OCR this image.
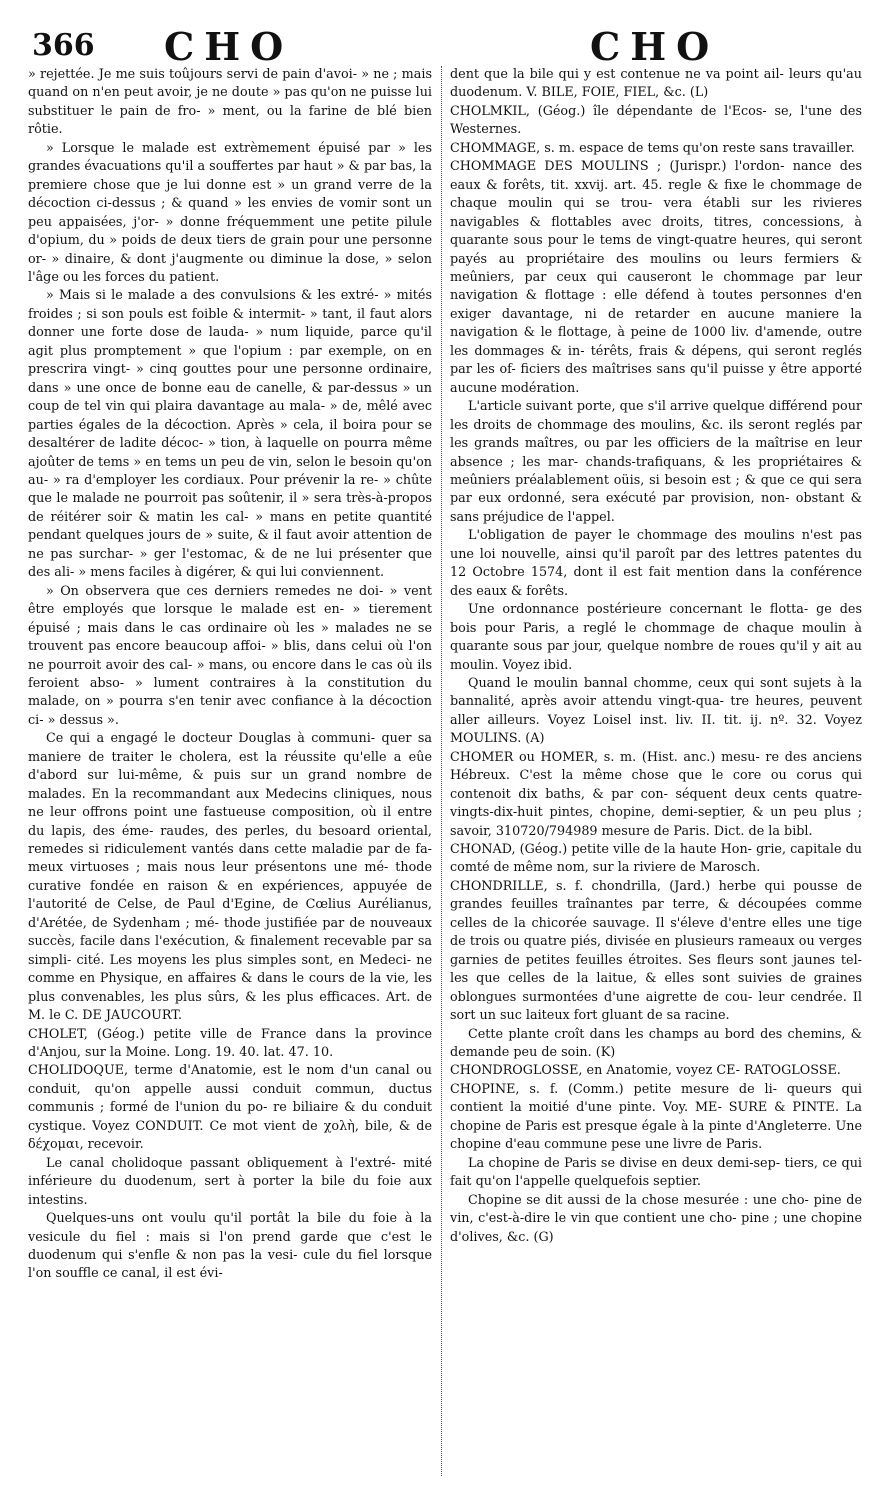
366 CHO	CHO

» rejettée. Je me suis toûjours servi de pain d'avoi- » ne ; mais quand on n'en peut avoir, je ne doute » pas qu'on ne puisse lui substituer le pain de fro- » ment, ou la farine de blé bien rôtie.

» Lorsque le malade est extrèmement épuisé par » les grandes évacuations qu'il a souffertes par haut » & par bas, la premiere chose que je lui donne est » un grand verre de la décoction ci-dessus ; & quand » les envies de vomir sont un peu appaisées, j'or- » donne fréquemment une petite pilule d'opium, du » poids de deux tiers de grain pour une personne or- » dinaire, & dont j'augmente ou diminue la dose, » selon l'âge ou les forces du patient.

» Mais si le malade a des convulsions & les extré- » mités froides ; si son pouls est foible & intermit- » tant, il faut alors donner une forte dose de lauda- » num liquide, parce qu'il agit plus promptement » que l'opium : par exemple, on en prescrira vingt- » cinq gouttes pour une personne ordinaire, dans » une once de bonne eau de canelle, & par-dessus » un coup de tel vin qui plaira davantage au mala- » de, mêlé avec parties égales de la décoction. Après » cela, il boira pour se desaltérer de ladite décoc- » tion, à laquelle on pourra même ajoûter de tems » en tems un peu de vin, selon le besoin qu'on au- » ra d'employer les cordiaux. Pour prévenir la re- » chûte que le malade ne pourroit pas soûtenir, il » sera très-à-propos de réitérer soir & matin les cal- » mans en petite quantité pendant quelques jours de » suite, & il faut avoir attention de ne pas surchar- » ger l'estomac, & de ne lui présenter que des ali- » mens faciles à digérer, & qui lui conviennent.

» On observera que ces derniers remedes ne doi- » vent être employés que lorsque le malade est en- » tierement épuisé ; mais dans le cas ordinaire où les » malades ne se trouvent pas encore beaucoup affoi- » blis, dans celui où l'on ne pourroit avoir des cal- » mans, ou encore dans le cas où ils feroient abso- » lument contraires à la constitution du malade, on » pourra s'en tenir avec confiance à la décoction ci- » dessus ».

Ce qui a engagé le docteur Douglas à communi- quer sa maniere de traiter le cholera, est la réussite qu'elle a eûe d'abord sur lui-même, & puis sur un grand nombre de malades. En la recommandant aux Medecins cliniques, nous ne leur offrons point une fastueuse composition, où il entre du lapis, des éme- raudes, des perles, du besoard oriental, remedes si ridiculement vantés dans cette maladie par de fa- meux virtuoses ; mais nous leur présentons une mé- thode curative fondée en raison & en expériences, appuyée de l'autorité de Celse, de Paul d'Egine, de Cœlius Aurélianus, d'Arétée, de Sydenham ; mé- thode justifiée par de nouveaux succès, facile dans l'exécution, & finalement recevable par sa simpli- cité. Les moyens les plus simples sont, en Medeci- ne comme en Physique, en affaires & dans le cours de la vie, les plus convenables, les plus sûrs, & les plus efficaces. Art. de M. le C. DE JAUCOURT.

CHOLET, (Géog.) petite ville de France dans la province d'Anjou, sur la Moine. Long. 19. 40. lat. 47. 10.

CHOLIDOQUE, terme d'Anatomie, est le nom d'un canal ou conduit, qu'on appelle aussi conduit commun, ductus communis ; formé de l'union du po- re biliaire & du conduit cystique. Voyez CONDUIT. Ce mot vient de χολὴ, bile, & de δέχομαι, recevoir.

Le canal cholidoque passant obliquement à l'extré- mité inférieure du duodenum, sert à porter la bile du foie aux intestins.

Quelques-uns ont voulu qu'il portât la bile du foie à la vesicule du fiel : mais si l'on prend garde que c'est le duodenum qui s'enfle & non pas la vesi- cule du fiel lorsque l'on souffle ce canal, il est évi-

dent que la bile qui y est contenue ne va point ail- leurs qu'au duodenum. V. BILE, FOIE, FIEL, &c. (L)

CHOLMKIL, (Géog.) île dépendante de l'Ecos- se, l'une des Westernes.

CHOMMAGE, s. m. espace de tems qu'on reste sans travailler.

CHOMMAGE DES MOULINS ; (Jurispr.) l'ordon- nance des eaux & forêts, tit. xxvij. art. 45. regle & fixe le chommage de chaque moulin qui se trou- vera établi sur les rivieres navigables & flottables avec droits, titres, concessions, à quarante sous pour le tems de vingt-quatre heures, qui seront payés au propriétaire des moulins ou leurs fermiers & meûniers, par ceux qui causeront le chommage par leur navigation & flottage : elle défend à toutes personnes d'en exiger davantage, ni de retarder en aucune maniere la navigation & le flottage, à peine de 1000 liv. d'amende, outre les dommages & in- térêts, frais & dépens, qui seront reglés par les of- ficiers des maîtrises sans qu'il puisse y être apporté aucune modération.

L'article suivant porte, que s'il arrive quelque différend pour les droits de chommage des moulins, &c. ils seront reglés par les grands maîtres, ou par les officiers de la maîtrise en leur absence ; les mar- chands-trafiquans, & les propriétaires & meûniers préalablement oüis, si besoin est ; & que ce qui sera par eux ordonné, sera exécuté par provision, non- obstant & sans préjudice de l'appel.

L'obligation de payer le chommage des moulins n'est pas une loi nouvelle, ainsi qu'il paroît par des lettres patentes du 12 Octobre 1574, dont il est fait mention dans la conférence des eaux & forêts.

Une ordonnance postérieure concernant le flotta- ge des bois pour Paris, a reglé le chommage de chaque moulin à quarante sous par jour, quelque nombre de roues qu'il y ait au moulin. Voyez ibid.

Quand le moulin bannal chomme, ceux qui sont sujets à la bannalité, après avoir attendu vingt-qua- tre heures, peuvent aller ailleurs. Voyez Loisel inst. liv. II. tit. ij. nº. 32. Voyez MOULINS. (A)

CHOMER ou HOMER, s. m. (Hist. anc.) mesu- re des anciens Hébreux. C'est la même chose que le core ou corus qui contenoit dix baths, & par con- séquent deux cents quatre-vingts-dix-huit pintes, chopine, demi-septier, & un peu plus ; savoir, 310720/794989 mesure de Paris. Dict. de la bibl.

CHONAD, (Géog.) petite ville de la haute Hon- grie, capitale du comté de même nom, sur la riviere de Marosch.

CHONDRILLE, s. f. chondrilla, (Jard.) herbe qui pousse de grandes feuilles traînantes par terre, & découpées comme celles de la chicorée sauvage. Il s'éleve d'entre elles une tige de trois ou quatre piés, divisée en plusieurs rameaux ou verges garnies de petites feuilles étroites. Ses fleurs sont jaunes tel- les que celles de la laitue, & elles sont suivies de graines oblongues surmontées d'une aigrette de cou- leur cendrée. Il sort un suc laiteux fort gluant de sa racine.

Cette plante croît dans les champs au bord des chemins, & demande peu de soin. (K)

CHONDROGLOSSE, en Anatomie, voyez CE- RATOGLOSSE.

CHOPINE, s. f. (Comm.) petite mesure de li- queurs qui contient la moitié d'une pinte. Voy. ME- SURE & PINTE. La chopine de Paris est presque égale à la pinte d'Angleterre. Une chopine d'eau commune pese une livre de Paris.

La chopine de Paris se divise en deux demi-sep- tiers, ce qui fait qu'on l'appelle quelquefois septier.

Chopine se dit aussi de la chose mesurée : une cho- pine de vin, c'est-à-dire le vin que contient une cho- pine ; une chopine d'olives, &c. (G)
